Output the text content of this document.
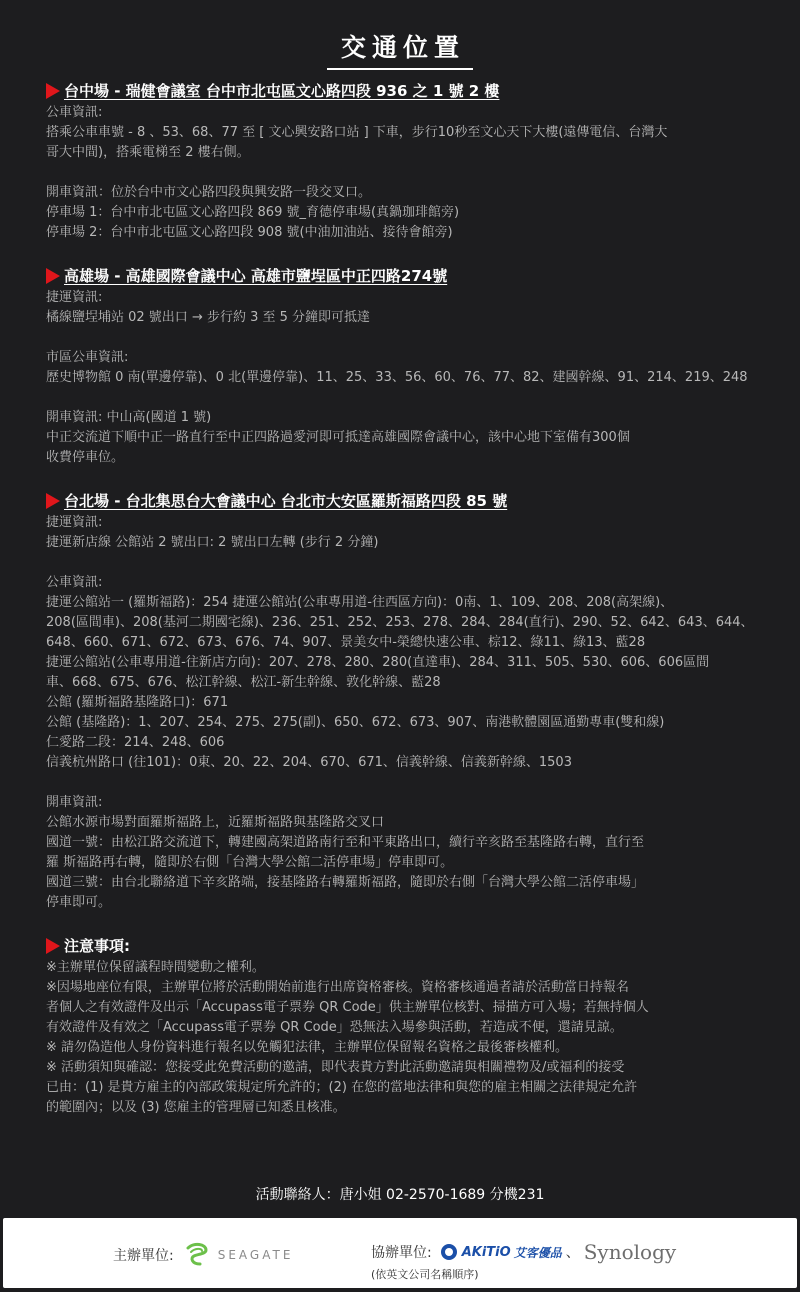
交通位置
台中場 - 瑞健會議室 台中市北屯區文心路四段 936 之 1 號 2 樓
公車資訊:
搭乘公車車號 - 8 、53、68、77 至 [ 文心興安路口站 ] 下車，步行10秒至文心天下大樓(遠傳電信、台灣大
哥大中間)，搭乘電梯至 2 樓右側。
開車資訊：位於台中市文心路四段與興安路一段交叉口。
停車場 1：台中市北屯區文心路四段 869 號_育德停車場(真鍋珈琲館旁)
停車場 2：台中市北屯區文心路四段 908 號(中油加油站、接待會館旁)
高雄場 - 高雄國際會議中心 高雄市鹽埕區中正四路274號
捷運資訊:
橘線鹽埕埔站 02 號出口 → 步行約 3 至 5 分鐘即可抵達
市區公車資訊:
歷史博物館 0 南(單邊停靠)、0 北(單邊停靠)、11、25、33、56、60、76、77、82、建國幹線、91、214、219、248
開車資訊: 中山高(國道 1 號)
中正交流道下順中正一路直行至中正四路過愛河即可抵達高雄國際會議中心，該中心地下室備有300個
收費停車位。
台北場 - 台北集思台大會議中心 台北市大安區羅斯福路四段 85 號
捷運資訊:
捷運新店線 公館站 2 號出口: 2 號出口左轉 (步行 2 分鐘)
公車資訊:
捷運公館站一 (羅斯福路)：254 捷運公館站(公車專用道-往西區方向)：0南、1、109、208、208(高架線)、
208(區間車)、208(基河二期國宅線)、236、251、252、253、278、284、284(直行)、290、52、642、643、644、
648、660、671、672、673、676、74、907、景美女中-榮總快速公車、棕12、綠11、綠13、藍28
捷運公館站(公車專用道-往新店方向)：207、278、280、280(直達車)、284、311、505、530、606、606區間
車、668、675、676、松江幹線、松江-新生幹線、敦化幹線、藍28
公館 (羅斯福路基隆路口)：671
公館 (基隆路)：1、207、254、275、275(副)、650、672、673、907、南港軟體園區通勤專車(雙和線)
仁愛路二段：214、248、606
信義杭州路口 (往101)：0東、20、22、204、670、671、信義幹線、信義新幹線、1503
開車資訊:
公館水源市場對面羅斯福路上，近羅斯福路與基隆路交叉口
國道一號：由松江路交流道下，轉建國高架道路南行至和平東路出口，續行辛亥路至基隆路右轉，直行至
羅 斯福路再右轉，隨即於右側「台灣大學公館二活停車場」停車即可。
國道三號：由台北聯絡道下辛亥路端，接基隆路右轉羅斯福路，隨即於右側「台灣大學公館二活停車場」
停車即可。
注意事項:
※主辦單位保留議程時間變動之權利。
※因場地座位有限，主辦單位將於活動開始前進行出席資格審核。資格審核通過者請於活動當日持報名
者個人之有效證件及出示「Accupass電子票券 QR Code」供主辦單位核對、掃描方可入場；若無持個人
有效證件及有效之「Accupass電子票券 QR Code」恐無法入場參與活動，若造成不便，還請見諒。
※ 請勿偽造他人身份資料進行報名以免觸犯法律，主辦單位保留報名資格之最後審核權利。
※ 活動須知與確認：您接受此免費活動的邀請，即代表貴方對此活動邀請與相關禮物及/或福利的接受
已由：(1) 是貴方雇主的內部政策規定所允許的；(2) 在您的當地法律和與您的雇主相關之法律規定允許
的範圍內；以及 (3) 您雇主的管理層已知悉且核准。
活動聯絡人：唐小姐 02-2570-1689 分機231
主辦單位:	SEAGATE	協辦單位: AKiTiO 艾客優品 、 Synology
(依英文公司名稱順序)
